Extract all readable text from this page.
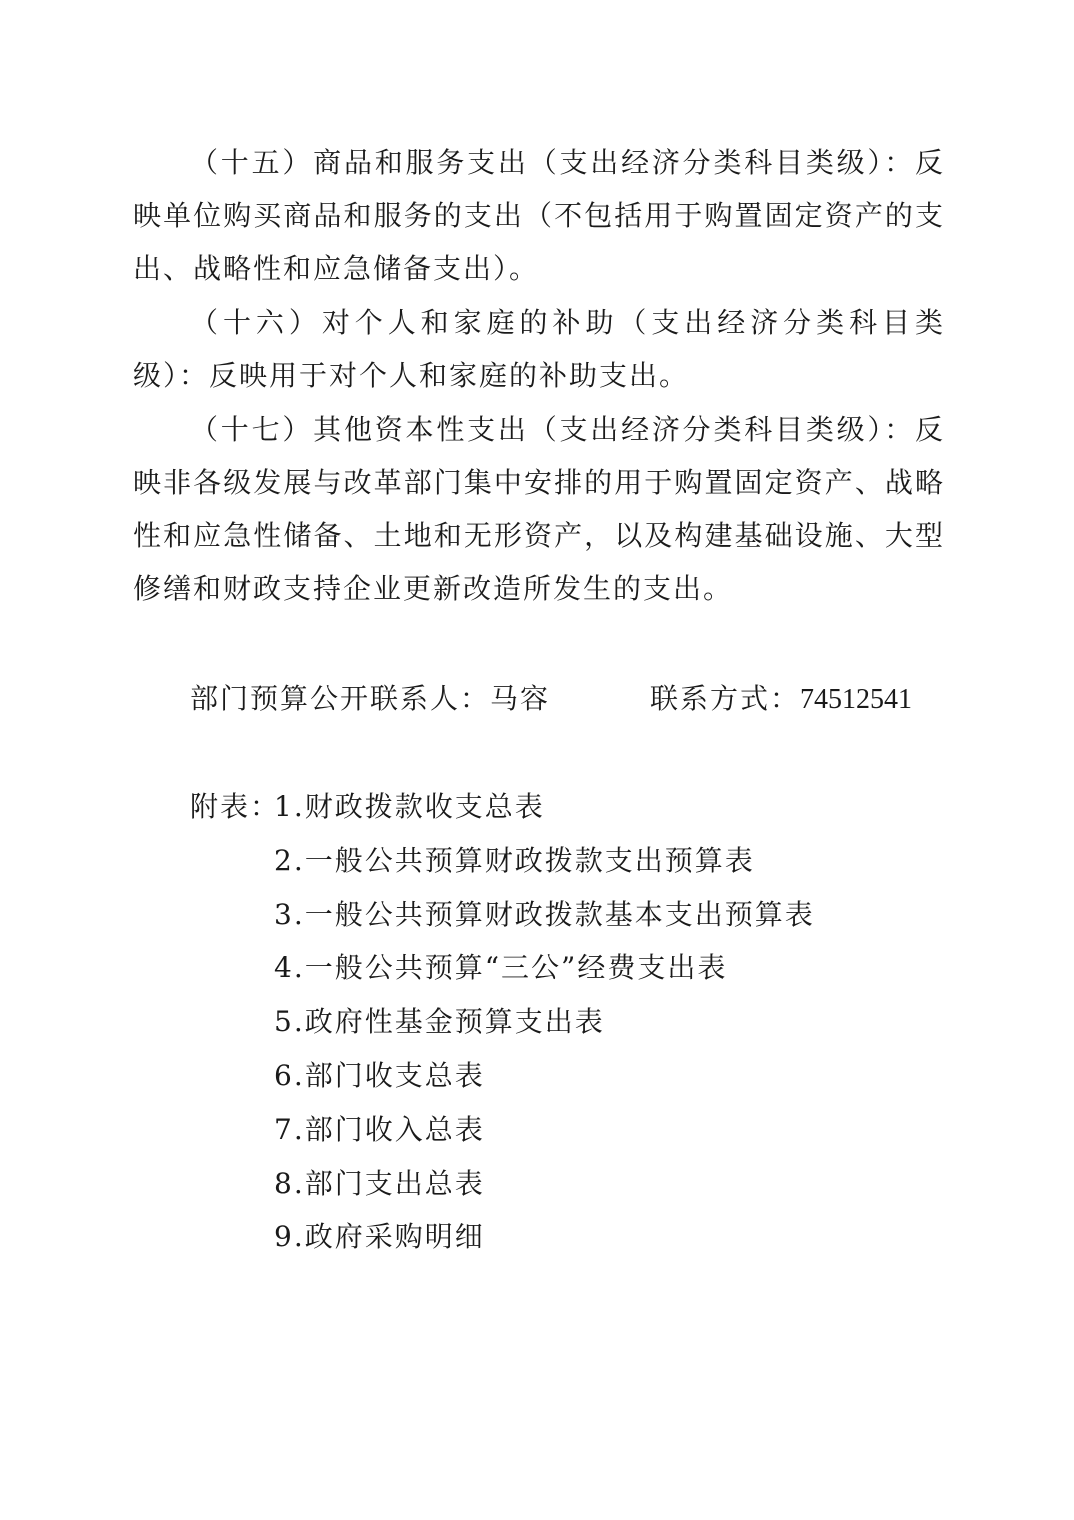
（十五）商品和服务支出（支出经济分类科目类级）：反映单位购买商品和服务的支出（不包括用于购置固定资产的支出、战略性和应急储备支出）。

（十六）对个人和家庭的补助（支出经济分类科目类级）：反映用于对个人和家庭的补助支出。

（十七）其他资本性支出（支出经济分类科目类级）：反映非各级发展与改革部门集中安排的用于购置固定资产、战略性和应急性储备、土地和无形资产，以及构建基础设施、大型修缮和财政支持企业更新改造所发生的支出。

部门预算公开联系人：马容	联系方式：74512541
附表：
1.财政拨款收支总表
2.一般公共预算财政拨款支出预算表
3.一般公共预算财政拨款基本支出预算表
4.一般公共预算“三公”经费支出表
5.政府性基金预算支出表
6.部门收支总表
7.部门收入总表
8.部门支出总表
9.政府采购明细
